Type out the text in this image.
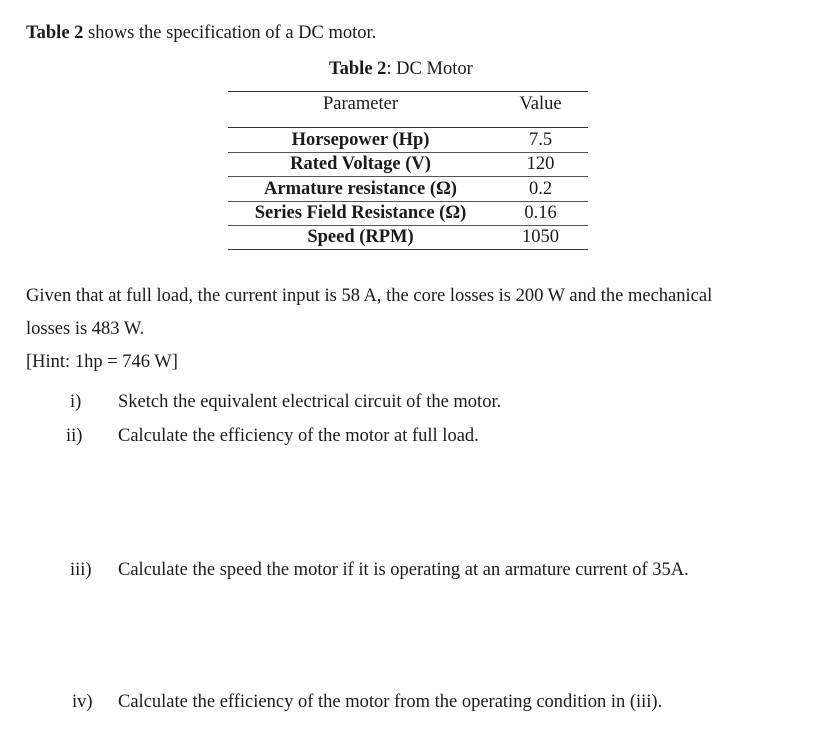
Table 2 shows the specification of a DC motor.
Table 2: DC Motor
Parameter	Value
Horsepower (Hp)	7.5
Rated Voltage (V)	120
Armature resistance (Ω)	0.2
Series Field Resistance (Ω)	0.16
Speed (RPM)	1050
Given that at full load, the current input is 58 A, the core losses is 200 W and the mechanical
losses is 483 W.
[Hint: 1hp = 746 W]
i)	Sketch the equivalent electrical circuit of the motor.
ii)	Calculate the efficiency of the motor at full load.
iii)	Calculate the speed the motor if it is operating at an armature current of 35A.
iv)	Calculate the efficiency of the motor from the operating condition in (iii).
